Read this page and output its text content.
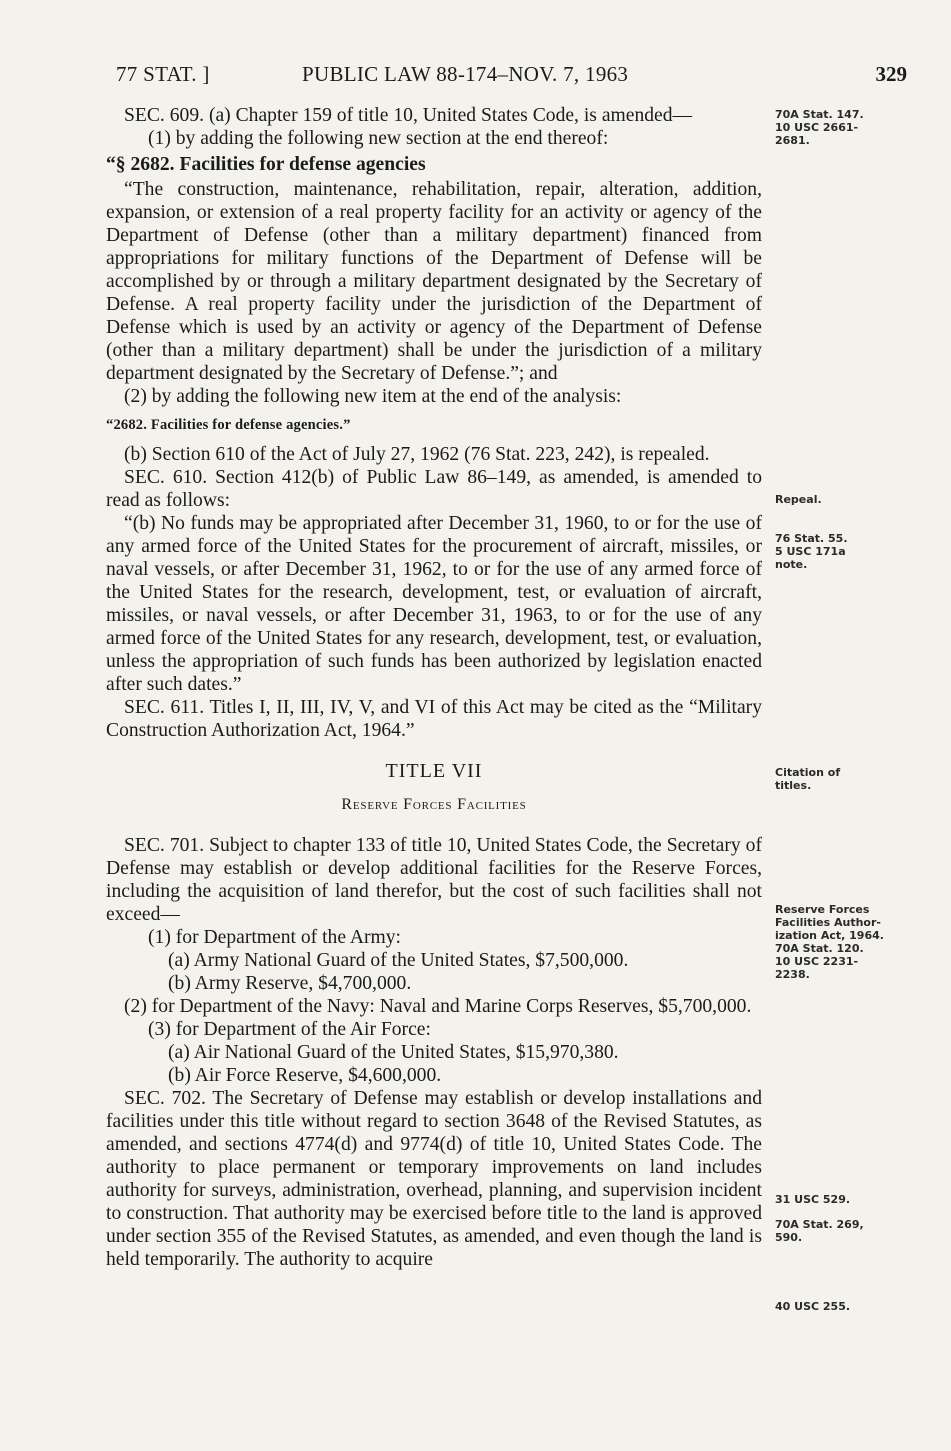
77 STAT. ]	PUBLIC LAW 88-174–NOV. 7, 1963	329

SEC. 609. (a) Chapter 159 of title 10, United States Code, is amended—

(1) by adding the following new section at the end thereof:

“§ 2682. Facilities for defense agencies

“The construction, maintenance, rehabilitation, repair, alteration, addition, expansion, or extension of a real property facility for an activity or agency of the Department of Defense (other than a military department) financed from appropriations for military functions of the Department of Defense will be accomplished by or through a military department designated by the Secretary of Defense. A real property facility under the jurisdiction of the Department of Defense which is used by an activity or agency of the Department of Defense (other than a military department) shall be under the jurisdiction of a military department designated by the Secretary of Defense.”; and

(2) by adding the following new item at the end of the analysis:

“2682. Facilities for defense agencies.”

(b) Section 610 of the Act of July 27, 1962 (76 Stat. 223, 242), is repealed.

SEC. 610. Section 412(b) of Public Law 86–149, as amended, is amended to read as follows:

“(b) No funds may be appropriated after December 31, 1960, to or for the use of any armed force of the United States for the procurement of aircraft, missiles, or naval vessels, or after December 31, 1962, to or for the use of any armed force of the United States for the research, development, test, or evaluation of aircraft, missiles, or naval vessels, or after December 31, 1963, to or for the use of any armed force of the United States for any research, development, test, or evaluation, unless the appropriation of such funds has been authorized by legislation enacted after such dates.”

SEC. 611. Titles I, II, III, IV, V, and VI of this Act may be cited as the “Military Construction Authorization Act, 1964.”

TITLE VII
Reserve Forces Facilities

SEC. 701. Subject to chapter 133 of title 10, United States Code, the Secretary of Defense may establish or develop additional facilities for the Reserve Forces, including the acquisition of land therefor, but the cost of such facilities shall not exceed—

(1) for Department of the Army:

(a) Army National Guard of the United States, $7,500,000.

(b) Army Reserve, $4,700,000.

(2) for Department of the Navy: Naval and Marine Corps Reserves, $5,700,000.

(3) for Department of the Air Force:

(a) Air National Guard of the United States, $15,970,380.

(b) Air Force Reserve, $4,600,000.

SEC. 702. The Secretary of Defense may establish or develop installations and facilities under this title without regard to section 3648 of the Revised Statutes, as amended, and sections 4774(d) and 9774(d) of title 10, United States Code. The authority to place permanent or temporary improvements on land includes authority for surveys, administration, overhead, planning, and supervision incident to construction. That authority may be exercised before title to the land is approved under section 355 of the Revised Statutes, as amended, and even though the land is held temporarily. The authority to acquire

70A Stat. 147.
10 USC 2661-
2681.
Repeal.
76 Stat. 55.
5 USC 171a
note.
Citation of
titles.
Reserve Forces
Facilities Author-
ization Act, 1964.
70A Stat. 120.
10 USC 2231-
2238.
31 USC 529.
70A Stat. 269,
590.
40 USC 255.
